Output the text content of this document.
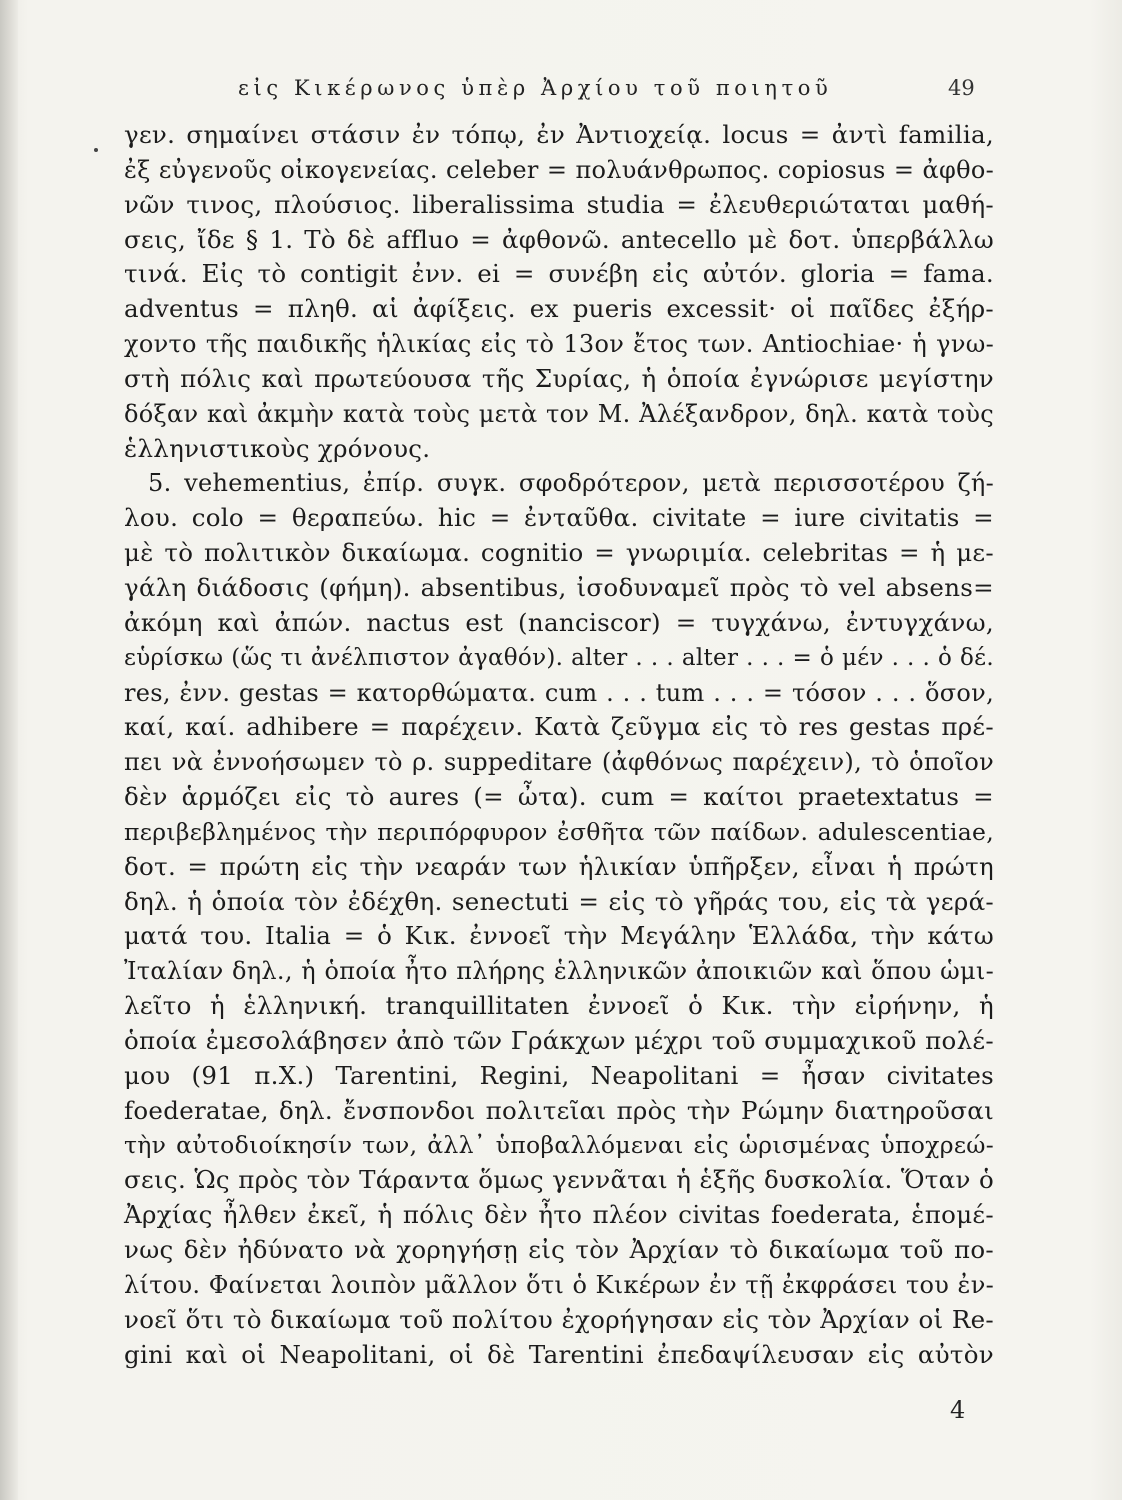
εἰς Κικέρωνος ὑπὲρ Ἀρχίου τοῦ ποιητοῦ	49
γεν. σημαίνει στάσιν ἐν τόπῳ, ἐν Ἀντιοχείᾳ. locus = ἀντὶ familia,
ἐξ εὐγενοῦς οἰκογενείας. celeber = πολυάνθρωπος. copiosus = ἀφθο-
νῶν τινος, πλούσιος. liberalissima studia = ἐλευθεριώταται μαθή-
σεις, ἴδε § 1. Τὸ δὲ affluo = ἀφθονῶ. antecello μὲ δοτ. ὑπερβάλλω
τινά. Εἰς τὸ contigit ἐνν. ei = συνέβη εἰς αὐτόν. gloria = fama.
adventus = πληθ. αἱ ἀφίξεις. ex pueris excessit· οἱ παῖδες ἐξήρ-
χοντο τῆς παιδικῆς ἡλικίας εἰς τὸ 13ον ἔτος των. Antiochiae· ἡ γνω-
στὴ πόλις καὶ πρωτεύουσα τῆς Συρίας, ἡ ὁποία ἐγνώρισε μεγίστην
δόξαν καὶ ἀκμὴν κατὰ τοὺς μετὰ τον Μ. Ἀλέξανδρον, δηλ. κατὰ τοὺς
ἑλληνιστικοὺς χρόνους.
5. vehementius, ἐπίρ. συγκ. σφοδρότερον, μετὰ περισσοτέρου ζή-
λου. colo = θεραπεύω. hic = ἐνταῦθα. civitate = iure civitatis =
μὲ τὸ πολιτικὸν δικαίωμα. cognitio = γνωριμία. celebritas = ἡ με-
γάλη διάδοσις (φήμη). absentibus, ἰσοδυναμεῖ πρὸς τὸ vel absens=
ἀκόμη καὶ ἀπών. nactus est (nanciscor) = τυγχάνω, ἐντυγχάνω,
εὑρίσκω (ὥς τι ἀνέλπιστον ἀγαθόν). alter . . . alter . . . = ὁ μέν . . . ὁ δέ.
res, ἐνν. gestas = κατορθώματα. cum . . . tum . . . = τόσον . . . ὅσον,
καί, καί. adhibere = παρέχειν. Κατὰ ζεῦγμα εἰς τὸ res gestas πρέ-
πει νὰ ἐννοήσωμεν τὸ ρ. suppeditare (ἀφθόνως παρέχειν), τὸ ὁποῖον
δὲν ἁρμόζει εἰς τὸ aures (= ὦτα). cum = καίτοι praetextatus =
περιβεβλημένος τὴν περιπόρφυρον ἐσθῆτα τῶν παίδων. adulescentiae,
δοτ. = πρώτη εἰς τὴν νεαράν των ἡλικίαν ὑπῆρξεν, εἶναι ἡ πρώτη
δηλ. ἡ ὁποία τὸν ἐδέχθη. senectuti = εἰς τὸ γῆράς του, εἰς τὰ γερά-
ματά του. Italia = ὁ Κικ. ἐννοεῖ τὴν Μεγάλην Ἑλλάδα, τὴν κάτω
Ἰταλίαν δηλ., ἡ ὁποία ἦτο πλήρης ἑλληνικῶν ἀποικιῶν καὶ ὅπου ὡμι-
λεῖτο ἡ ἑλληνική. tranquillitaten ἐννοεῖ ὁ Κικ. τὴν εἰρήνην, ἡ
ὁποία ἐμεσολάβησεν ἀπὸ τῶν Γράκχων μέχρι τοῦ συμμαχικοῦ πολέ-
μου (91 π.Χ.) Tarentini, Regini, Neapolitani = ἦσαν civitates
foederatae, δηλ. ἔνσπονδοι πολιτεῖαι πρὸς τὴν Ρώμην διατηροῦσαι
τὴν αὐτοδιοίκησίν των, ἀλλ᾿ ὑποβαλλόμεναι εἰς ὡρισμένας ὑποχρεώ-
σεις. Ὡς πρὸς τὸν Τάραντα ὅμως γεννᾶται ἡ ἑξῆς δυσκολία. Ὅταν ὁ
Ἀρχίας ἦλθεν ἐκεῖ, ἡ πόλις δὲν ἦτο πλέον civitas foederata, ἑπομέ-
νως δὲν ἠδύνατο νὰ χορηγήσῃ εἰς τὸν Ἀρχίαν τὸ δικαίωμα τοῦ πο-
λίτου. Φαίνεται λοιπὸν μᾶλλον ὅτι ὁ Κικέρων ἐν τῇ ἐκφράσει του ἐν-
νοεῖ ὅτι τὸ δικαίωμα τοῦ πολίτου ἐχορήγησαν εἰς τὸν Ἀρχίαν οἱ Re-
gini καὶ οἱ Neapolitani, οἱ δὲ Tarentini ἐπεδαψίλευσαν εἰς αὐτὸν
4
